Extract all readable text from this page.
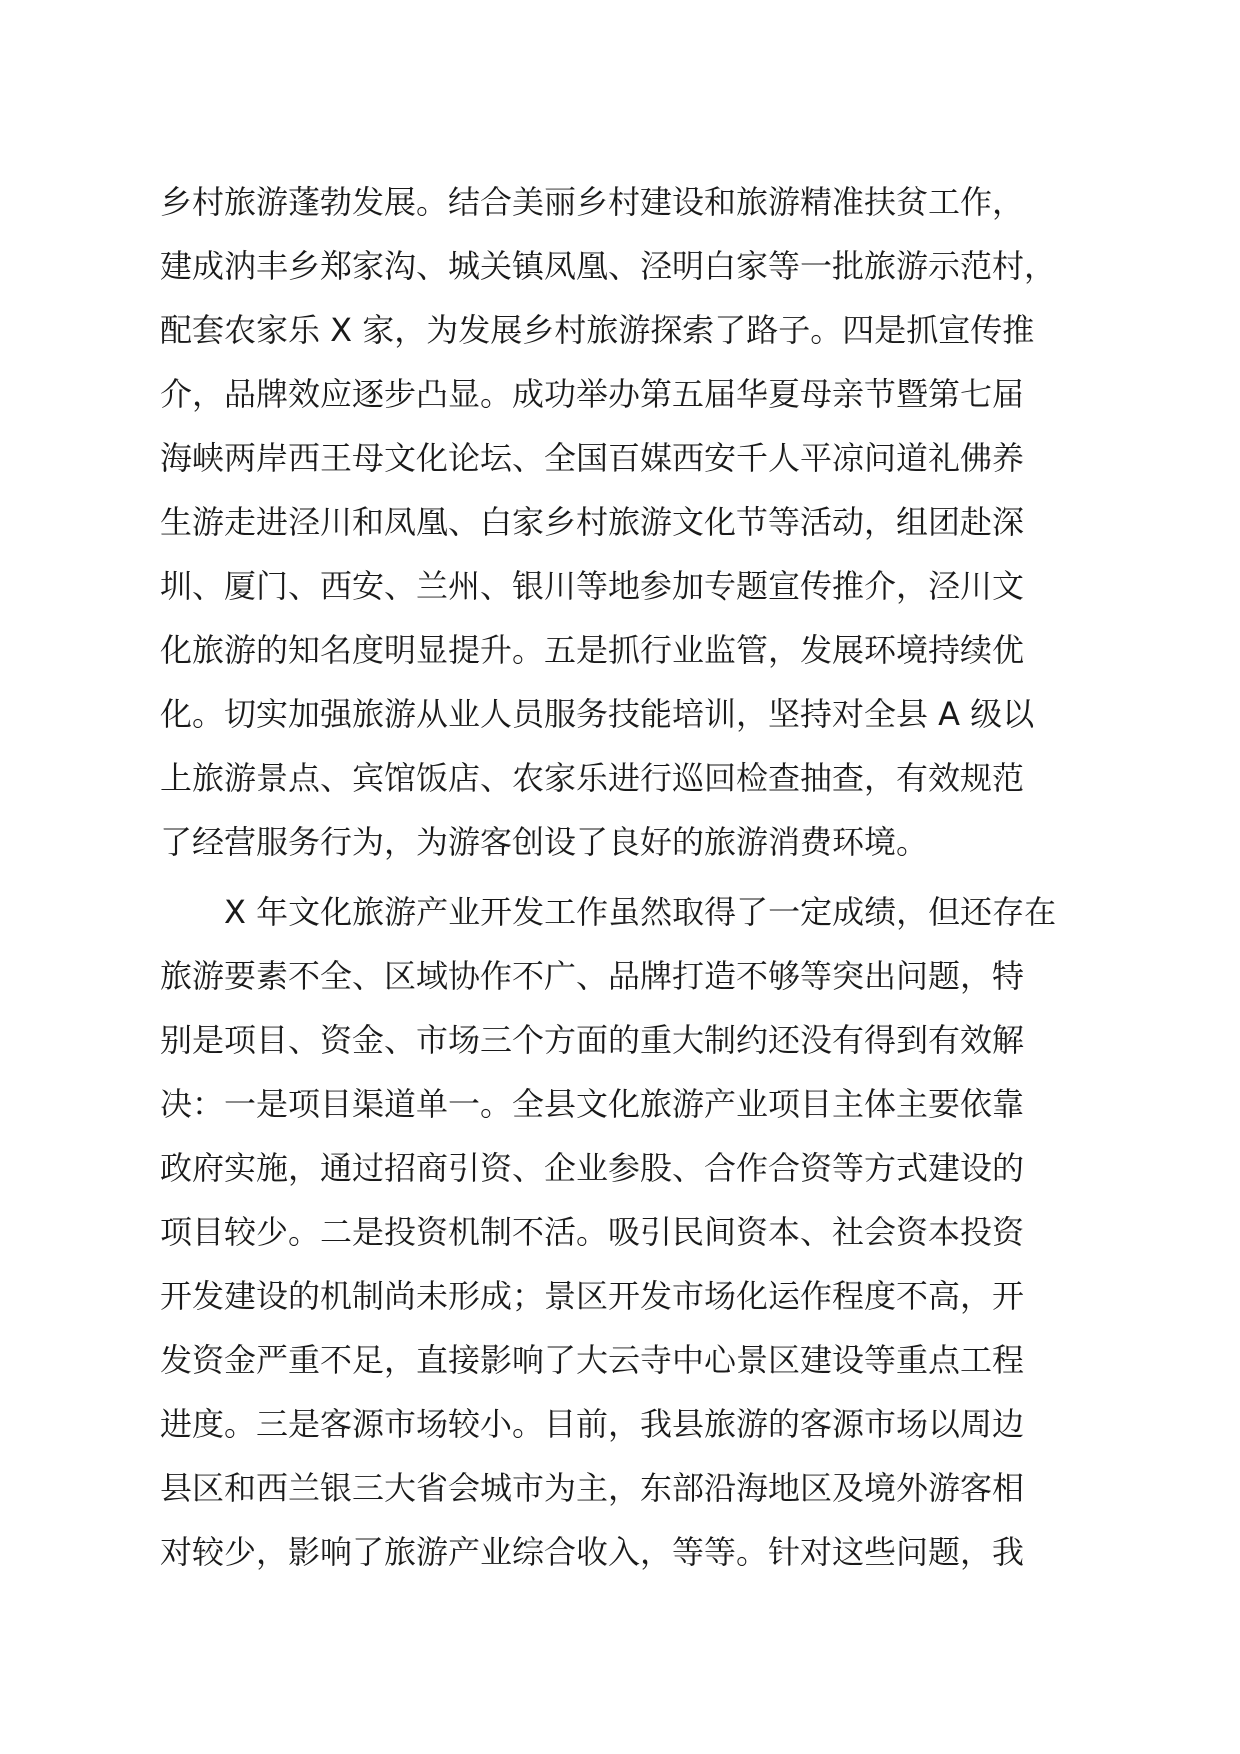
乡村旅游蓬勃发展。结合美丽乡村建设和旅游精准扶贫工作，
建成汭丰乡郑家沟、城关镇凤凰、泾明白家等一批旅游示范村，
配套农家乐 X 家，为发展乡村旅游探索了路子。四是抓宣传推
介，品牌效应逐步凸显。成功举办第五届华夏母亲节暨第七届
海峡两岸西王母文化论坛、全国百媒西安千人平凉问道礼佛养
生游走进泾川和凤凰、白家乡村旅游文化节等活动，组团赴深
圳、厦门、西安、兰州、银川等地参加专题宣传推介，泾川文
化旅游的知名度明显提升。五是抓行业监管，发展环境持续优
化。切实加强旅游从业人员服务技能培训，坚持对全县 A 级以
上旅游景点、宾馆饭店、农家乐进行巡回检查抽查，有效规范
了经营服务行为，为游客创设了良好的旅游消费环境。
　　X 年文化旅游产业开发工作虽然取得了一定成绩，但还存在
旅游要素不全、区域协作不广、品牌打造不够等突出问题，特
别是项目、资金、市场三个方面的重大制约还没有得到有效解
决：一是项目渠道单一。全县文化旅游产业项目主体主要依靠
政府实施，通过招商引资、企业参股、合作合资等方式建设的
项目较少。二是投资机制不活。吸引民间资本、社会资本投资
开发建设的机制尚未形成；景区开发市场化运作程度不高，开
发资金严重不足，直接影响了大云寺中心景区建设等重点工程
进度。三是客源市场较小。目前，我县旅游的客源市场以周边
县区和西兰银三大省会城市为主，东部沿海地区及境外游客相
对较少，影响了旅游产业综合收入，等等。针对这些问题，我
